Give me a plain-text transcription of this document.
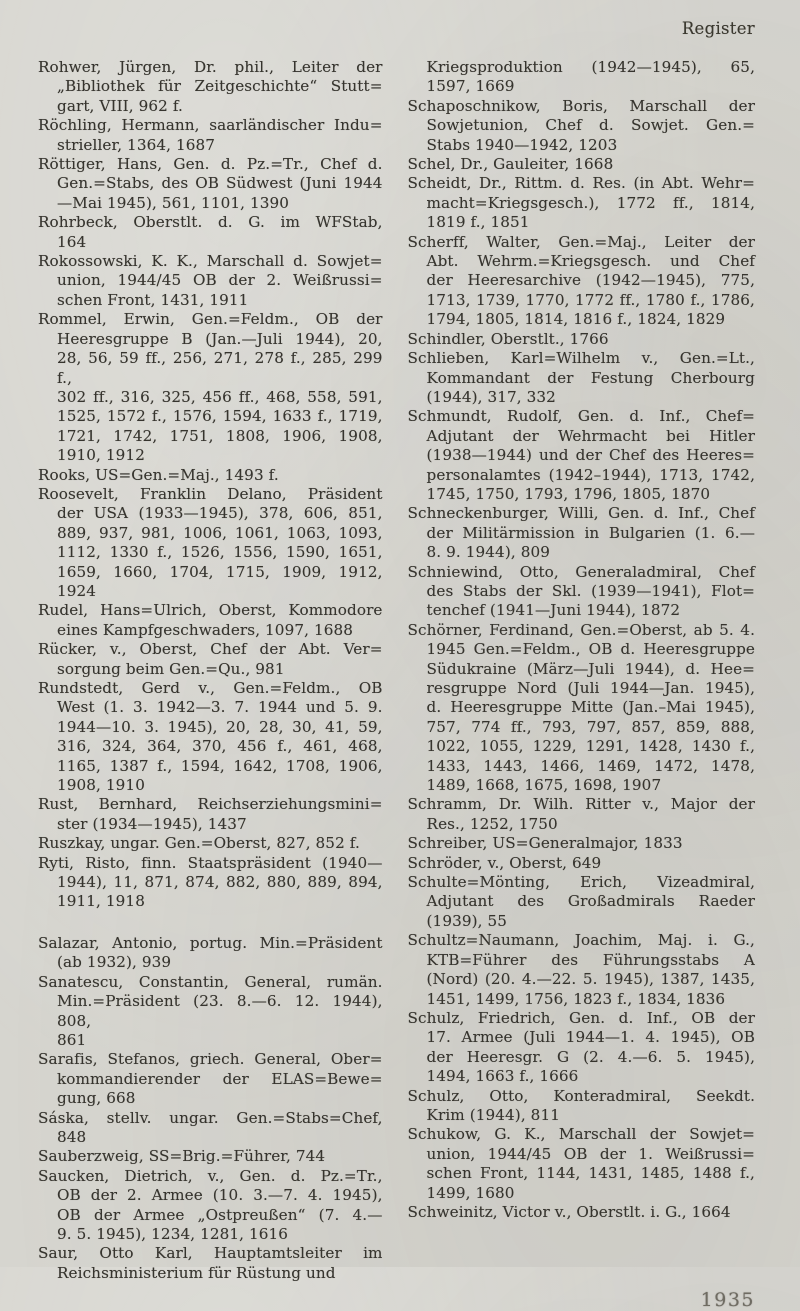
Register

Rohwer, Jürgen, Dr. phil., Leiter der
„Bibliothek für Zeitgeschichte“ Stutt=
gart, VIII, 962 f.

Röchling, Hermann, saarländischer Indu=
strieller, 1364, 1687

Röttiger, Hans, Gen. d. Pz.=Tr., Chef d.
Gen.=Stabs, des OB Südwest (Juni 1944
—Mai 1945), 561, 1101, 1390

Rohrbeck, Oberstlt. d. G. im WFStab,
164

Rokossowski, K. K., Marschall d. Sowjet=
union, 1944/45 OB der 2. Weißrussi=
schen Front, 1431, 1911

Rommel, Erwin, Gen.=Feldm., OB der
Heeresgruppe B (Jan.—Juli 1944), 20,
28, 56, 59 ff., 256, 271, 278 f., 285, 299 f.,
302 ff., 316, 325, 456 ff., 468, 558, 591,
1525, 1572 f., 1576, 1594, 1633 f., 1719,
1721, 1742, 1751, 1808, 1906, 1908,
1910, 1912

Rooks, US=Gen.=Maj., 1493 f.

Roosevelt, Franklin Delano, Präsident
der USA (1933—1945), 378, 606, 851,
889, 937, 981, 1006, 1061, 1063, 1093,
1112, 1330 f., 1526, 1556, 1590, 1651,
1659, 1660, 1704, 1715, 1909, 1912, 1924

Rudel, Hans=Ulrich, Oberst, Kommodore
eines Kampfgeschwaders, 1097, 1688

Rücker, v., Oberst, Chef der Abt. Ver=
sorgung beim Gen.=Qu., 981

Rundstedt, Gerd v., Gen.=Feldm., OB
West (1. 3. 1942—3. 7. 1944 und 5. 9.
1944—10. 3. 1945), 20, 28, 30, 41, 59,
316, 324, 364, 370, 456 f., 461, 468,
1165, 1387 f., 1594, 1642, 1708, 1906,
1908, 1910

Rust, Bernhard, Reichserziehungsmini=
ster (1934—1945), 1437

Ruszkay, ungar. Gen.=Oberst, 827, 852 f.

Ryti, Risto, finn. Staatspräsident (1940—
1944), 11, 871, 874, 882, 880, 889, 894,
1911, 1918

Salazar, Antonio, portug. Min.=Präsident
(ab 1932), 939

Sanatescu, Constantin, General, rumän.
Min.=Präsident (23. 8.—6. 12. 1944), 808,
861

Sarafis, Stefanos, griech. General, Ober=
kommandierender der ELAS=Bewe=
gung, 668

Sáska, stellv. ungar. Gen.=Stabs=Chef,
848

Sauberzweig, SS=Brig.=Führer, 744

Saucken, Dietrich, v., Gen. d. Pz.=Tr.,
OB der 2. Armee (10. 3.—7. 4. 1945),
OB der Armee „Ostpreußen“ (7. 4.—
9. 5. 1945), 1234, 1281, 1616

Saur, Otto Karl, Hauptamtsleiter im
Reichsministerium für Rüstung und

Kriegsproduktion (1942—1945), 65,
1597, 1669

Schaposchnikow, Boris, Marschall der
Sowjetunion, Chef d. Sowjet. Gen.=
Stabs 1940—1942, 1203

Schel, Dr., Gauleiter, 1668

Scheidt, Dr., Rittm. d. Res. (in Abt. Wehr=
macht=Kriegsgesch.), 1772 ff., 1814,
1819 f., 1851

Scherff, Walter, Gen.=Maj., Leiter der
Abt. Wehrm.=Kriegsgesch. und Chef
der Heeresarchive (1942—1945), 775,
1713, 1739, 1770, 1772 ff., 1780 f., 1786,
1794, 1805, 1814, 1816 f., 1824, 1829

Schindler, Oberstlt., 1766

Schlieben, Karl=Wilhelm v., Gen.=Lt.,
Kommandant der Festung Cherbourg
(1944), 317, 332

Schmundt, Rudolf, Gen. d. Inf., Chef=
Adjutant der Wehrmacht bei Hitler
(1938—1944) und der Chef des Heeres=
personalamtes (1942–1944), 1713, 1742,
1745, 1750, 1793, 1796, 1805, 1870

Schneckenburger, Willi, Gen. d. Inf., Chef
der Militärmission in Bulgarien (1. 6.—
8. 9. 1944), 809

Schniewind, Otto, Generaladmiral, Chef
des Stabs der Skl. (1939—1941), Flot=
tenchef (1941—Juni 1944), 1872

Schörner, Ferdinand, Gen.=Oberst, ab 5. 4.
1945 Gen.=Feldm., OB d. Heeresgruppe
Südukraine (März—Juli 1944), d. Hee=
resgruppe Nord (Juli 1944—Jan. 1945),
d. Heeresgruppe Mitte (Jan.–Mai 1945),
757, 774 ff., 793, 797, 857, 859, 888,
1022, 1055, 1229, 1291, 1428, 1430 f.,
1433, 1443, 1466, 1469, 1472, 1478,
1489, 1668, 1675, 1698, 1907

Schramm, Dr. Wilh. Ritter v., Major der
Res., 1252, 1750

Schreiber, US=Generalmajor, 1833

Schröder, v., Oberst, 649

Schulte=Mönting, Erich, Vizeadmiral,
Adjutant des Großadmirals Raeder
(1939), 55

Schultz=Naumann, Joachim, Maj. i. G.,
KTB=Führer des Führungsstabs A
(Nord) (20. 4.—22. 5. 1945), 1387, 1435,
1451, 1499, 1756, 1823 f., 1834, 1836

Schulz, Friedrich, Gen. d. Inf., OB der
17. Armee (Juli 1944—1. 4. 1945), OB
der Heeresgr. G (2. 4.—6. 5. 1945),
1494, 1663 f., 1666

Schulz, Otto, Konteradmiral, Seekdt.
Krim (1944), 811

Schukow, G. K., Marschall der Sowjet=
union, 1944/45 OB der 1. Weißrussi=
schen Front, 1144, 1431, 1485, 1488 f.,
1499, 1680

Schweinitz, Victor v., Oberstlt. i. G., 1664

1935
